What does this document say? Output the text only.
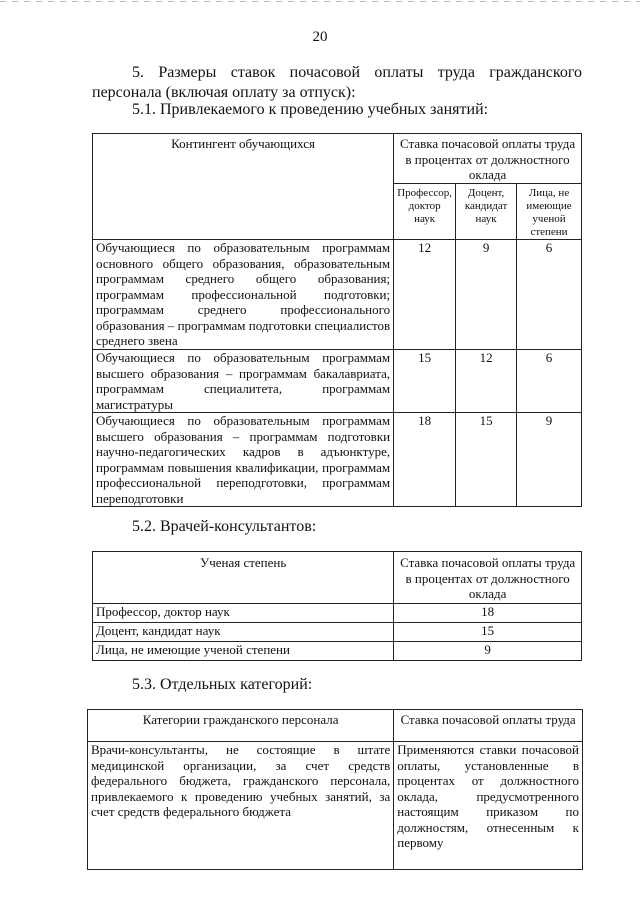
20
5. Размеры ставок почасовой оплаты труда гражданского персонала (включая оплату за отпуск):
5.1. Привлекаемого к проведению учебных занятий:
Контингент обучающихся	Ставка почасовой оплаты труда в процентах от должностного оклада		
	Профессор, доктор наук	Доцент, кандидат наук	Лица, не имеющие ученой степени
Обучающиеся по образовательным программам основного общего образования, образовательным программам среднего общего образования; программам профессиональной подготовки; программам среднего профессионального образования – программам подготовки специалистов среднего звена	12	9	6
Обучающиеся по образовательным программам высшего образования – программам бакалавриата, программам специалитета, программам магистратуры	15	12	6
Обучающиеся по образовательным программам высшего образования – программам подготовки научно-педагогических кадров в адъюнктуре, программам повышения квалификации, программам профессиональной переподготовки, программам переподготовки	18	15	9
5.2. Врачей-консультантов:
Ученая степень	Ставка почасовой оплаты труда в процентах от должностного оклада
Профессор, доктор наук	18
Доцент, кандидат наук	15
Лица, не имеющие ученой степени	9
5.3. Отдельных категорий:
Категории гражданского персонала	Ставка почасовой оплаты труда
Врачи-консультанты, не состоящие в штате медицинской организации, за счет средств федерального бюджета, гражданского персонала, привлекаемого к проведению учебных занятий, за счет средств федерального бюджета	Применяются ставки почасовой оплаты, установленные в процентах от должностного оклада, предусмотренного настоящим приказом по должностям, отнесенным к первому
